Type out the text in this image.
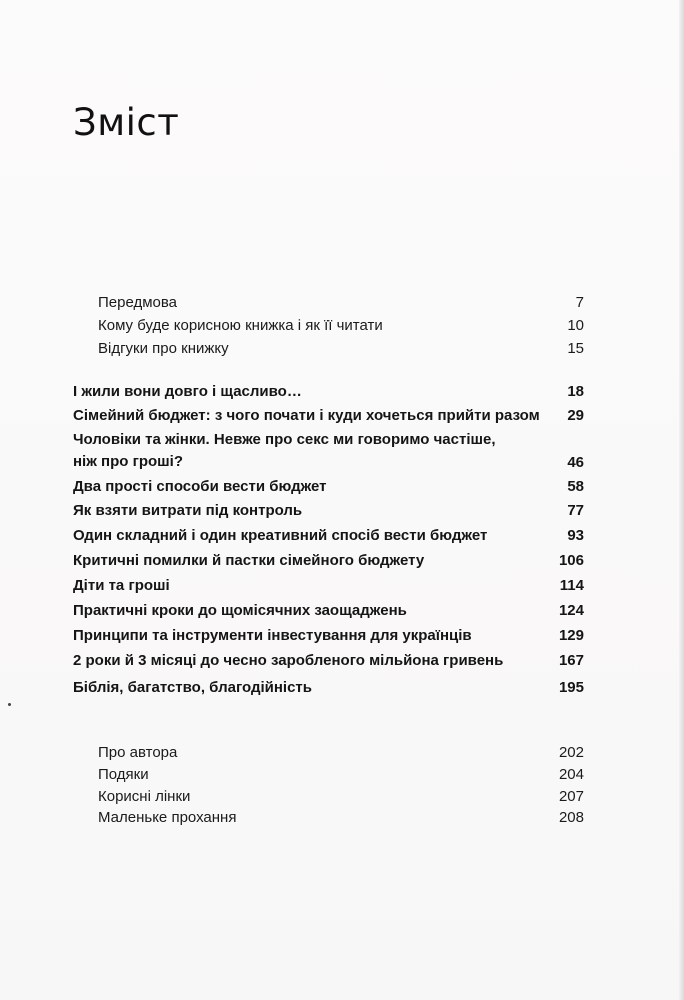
Зміст
Передмова	7
Кому буде корисною книжка і як її читати	10
Відгуки про книжку	15
І жили вони довго і щасливо…	18
Сімейний бюджет: з чого почати і куди хочеться прийти разом 29
Чоловіки та жінки. Невже про секс ми говоримо частіше, ніж про гроші?	46
Два прості способи вести бюджет	58
Як взяти витрати під контроль	77
Один складний і один креативний спосіб вести бюджет	93
Критичні помилки й пастки сімейного бюджету	106
Діти та гроші	114
Практичні кроки до щомісячних заощаджень	124
Принципи та інструменти інвестування для українців	129
2 роки й 3 місяці до чесно заробленого мільйона гривень	167
Біблія, багатство, благодійність	195
Про автора	202
Подяки	204
Корисні лінки	207
Маленьке прохання	208
